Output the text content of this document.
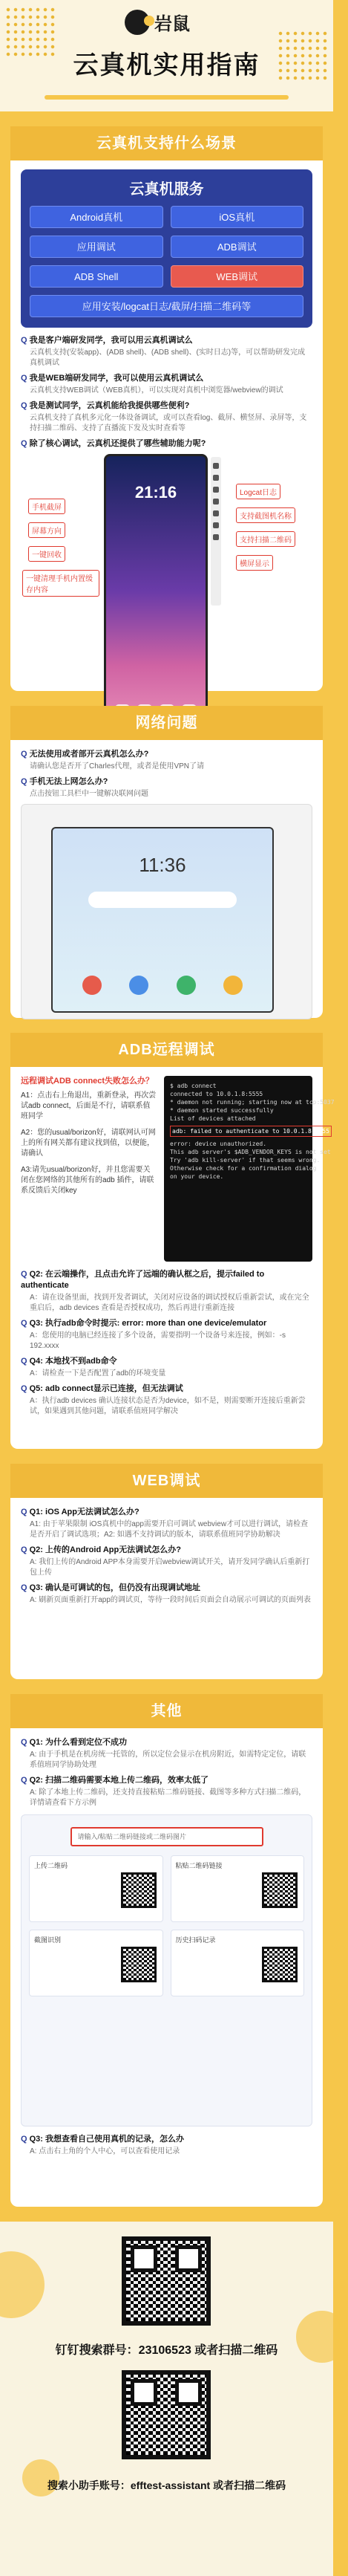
岩鼠
云真机实用指南
云真机支持什么场景
云真机服务
Android真机	iOS真机
应用调试	ADB调试
ADB Shell	WEB调试
应用安装/logcat日志/截屏/扫描二维码等
Q 我是客户端研发同学，我可以用云真机调试么
云真机支持(安装app)、(ADB shell)、(ADB shell)、(实时日志)等，可以帮助研发完成真机调试
Q 我是WEB端研发同学，我可以使用云真机调试么
云真机支持WEB调试（WEB真机），可以实现对真机中浏览器/webview的调试
Q 我是测试同学，云真机能给我提供哪些便利?
云真机支持了真机多元化一体设备调试，或可以查看log、截屏、横竖屏、录屏等，支持扫描二维码、支持了直播流下发及实时查看等
Q 除了核心调试，云真机还提供了哪些辅助能力呢?
21:16
手机截屏
屏幕方向
一键回收
一键清理手机内置缓存内容
Logcat日志
支持截图机名称
支持扫描二维码
横屏显示
网络问题
Q 无法使用或者部开云真机怎么办?
请确认您是否开了Charles代理，或者是使用VPN了请
Q 手机无法上网怎么办?
点击按钮工具栏中一键解决联网问题
11:36
ADB远程调试

远程调试ADB connect失败怎么办？

A1：点击右上角退出，重新登录，再次尝试adb connect，后面是不行，请联系值班同学

A2：您的usual/borizon好，请联网认可网上的所有网关都有建议找到值，以便能，请确认

A3:请先usual/borizon好，并且您需要关闭在您网络的其他所有的adb 插件，请联系反馈后关闭key

$ adb connect
connected to 10.0.1.8:5555
* daemon not running; starting now at tcp:5037
* daemon started successfully
List of devices attached
adb: failed to authenticate to 10.0.1.8:5555
error: device unauthorized.
This adb server's $ADB_VENDOR_KEYS is not set
Try 'adb kill-server' if that seems wrong.
Otherwise check for a confirmation dialog
on your device.
Q Q2: 在云端操作，且点击允许了远端的确认框之后，提示failed to authenticate
A：请在设备里面，找到开发者调试，关闭对应设备的调试授权后重新尝试，或在完全重启后，adb devices 查看是否授权成功，然后再进行重新连接
Q Q3: 执行adb命令时提示: error: more than one device/emulator
A：您使用的电脑已经连接了多个设备，需要指明一个设备号来连接，例如：-s 192.xxxx
Q Q4: 本地找不到adb命令
A：请检查一下是否配置了adb的环境变量
Q Q5: adb connect显示已连接，但无法调试
A：执行adb devices 确认连接状态是否为device，如不是，则需要断开连接后重新尝试，如果遇到其他问题，请联系值班同学解决
WEB调试
Q Q1: iOS App无法调试怎么办?
A1: 由于苹果限制 iOS真机中的app需要开启可调试 webview才可以进行调试，请检查是否开启了调试选项；A2: 如遇不支持调试的版本，请联系值班同学协助解决
Q Q2: 上传的Android App无法调试怎么办?
A: 我们上传的Android APP本身需要开启webview调试开关，请开发同学确认后重新打包上传
Q Q3: 确认是可调试的包，但仍没有出现调试地址
A: 刷新页面重新打开app的调试页，等待一段时间后页面会自动展示可调试的页面列表
其他
Q Q1: 为什么看到定位不成功
A: 由于手机是在机房统一托管的，所以定位会显示在机房附近，如需特定定位，请联系值班同学协助处理
Q Q2: 扫描二维码需要本地上传二维码，效率太低了
A: 除了本地上传二维码，还支持直接粘贴二维码链接、截图等多种方式扫描二维码，详情请查看下方示例
请输入/粘贴二维码链接或二维码图片
上传二维码	粘贴二维码链接
截图识别	历史扫码记录
Q Q3: 我想查看自己使用真机的记录，怎么办
A: 点击右上角的个人中心，可以查看使用记录
钉钉搜索群号：23106523 或者扫描二维码
搜索小助手账号：efftest-assistant 或者扫描二维码
